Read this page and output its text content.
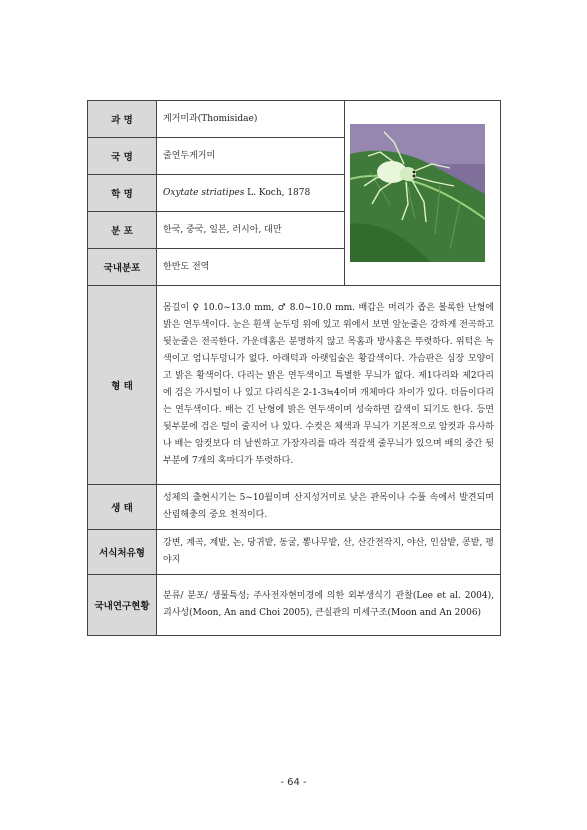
과 명	게거미과(Thomisidae)	

국 명	줄연두게거미	
학 명	Oxytate striatipes L. Koch, 1878	
분 포	한국, 중국, 일본, 러시아, 대만	
국내분포	한반도 전역	
형 태	몸길이 ♀ 10.0~13.0 mm, ♂ 8.0~10.0 mm. 배갑은 머리가 좁은 볼록한 난형에 밝은 연두색이다. 눈은 흰색 눈두덩 위에 있고 위에서 보면 앞눈줄은 강하게 전곡하고 뒷눈줄은 전곡한다. 가운데홈은 분명하지 않고 목홈과 방사홈은 뚜렷하다. 위턱은 녹색이고 엄니두덩니가 없다. 아래턱과 아랫입술은 황갈색이다. 가슴판은 심장 모양이고 밝은 황색이다. 다리는 밝은 연두색이고 특별한 무늬가 없다. 제1다리와 제2다리에 검은 가시털이 나 있고 다리식은 2-1-3≒4이며 개체마다 차이가 있다. 더듬이다리는 연두색이다. 배는 긴 난형에 밝은 연두색이며 성숙하면 갈색이 되기도 한다. 등면 뒷부분에 검은 털이 줄지어 나 있다. 수컷은 체색과 무늬가 기본적으로 암컷과 유사하나 배는 암컷보다 더 날씬하고 가장자리를 따라 적갈색 줄무늬가 있으며 배의 중간 뒷부분에 7개의 혹마디가 뚜렷하다.	
생 태	성체의 출현시기는 5~10월이며 산지성거미로 낮은 관목이나 수풀 속에서 발견되며 산림해충의 중요 천적이다.	
서식처유형	강변, 계곡, 계밭, 논, 당귀밭, 동굴, 뽕나무밭, 산, 산간전작지, 야산, 인삼밭, 콩밭, 평야지	
국내연구현황	분류/ 분포/ 생물특성; 주사전자현미경에 의한 외부생식기 관찰(Lee et al. 2004), 괴사성(Moon, An and Choi 2005), 큰실관의 미세구조(Moon and An 2006)	
- 64 -
